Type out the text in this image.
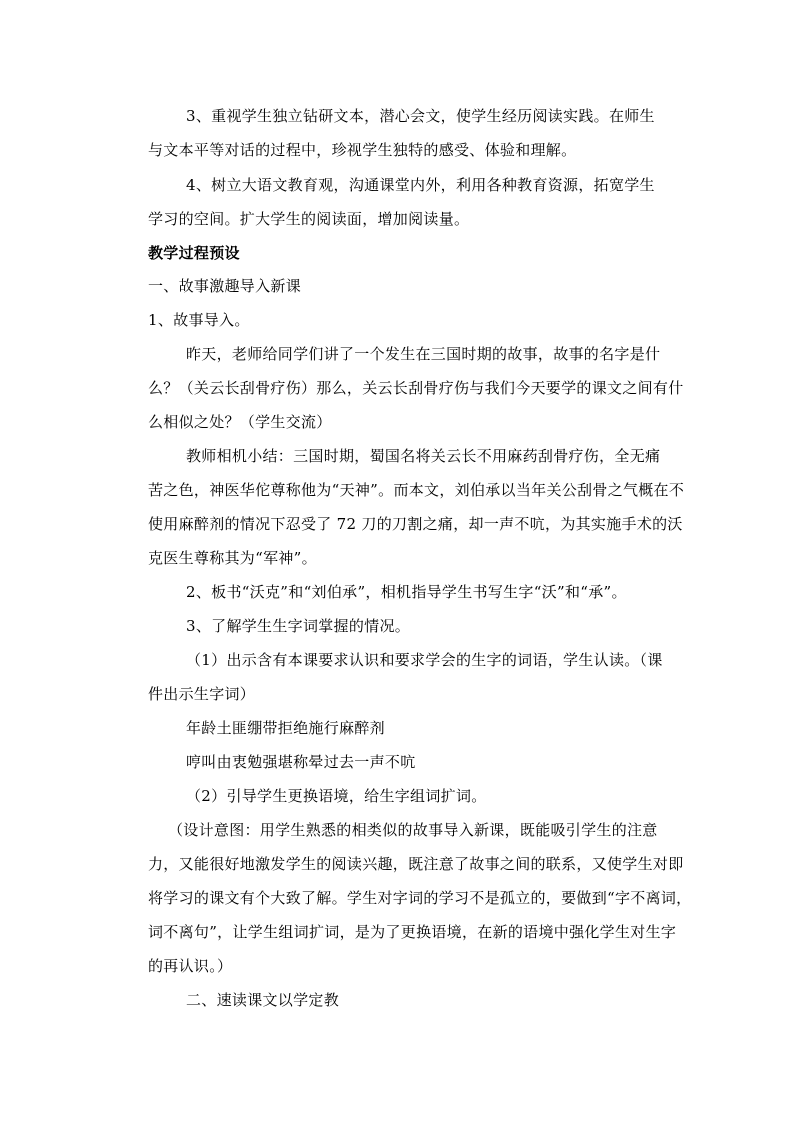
3、重视学生独立钻研文本，潜心会文，使学生经历阅读实践。在师生
与文本平等对话的过程中，珍视学生独特的感受、体验和理解。
4、树立大语文教育观，沟通课堂内外，利用各种教育资源，拓宽学生
学习的空间。扩大学生的阅读面，增加阅读量。
教学过程预设
一、故事激趣导入新课
1、故事导入。
昨天，老师给同学们讲了一个发生在三国时期的故事，故事的名字是什
么？（关云长刮骨疗伤）那么，关云长刮骨疗伤与我们今天要学的课文之间有什
么相似之处？（学生交流）
教师相机小结：三国时期，蜀国名将关云长不用麻药刮骨疗伤，全无痛
苦之色，神医华佗尊称他为“天神”。而本文，刘伯承以当年关公刮骨之气概在不
使用麻醉剂的情况下忍受了 72 刀的刀割之痛，却一声不吭，为其实施手术的沃
克医生尊称其为“军神”。
2、板书“沃克”和“刘伯承”，相机指导学生书写生字“沃”和“承”。
3、了解学生生字词掌握的情况。
（1）出示含有本课要求认识和要求学会的生字的词语，学生认读。（课
件出示生字词）
年龄土匪绷带拒绝施行麻醉剂
哼叫由衷勉强堪称晕过去一声不吭
（2）引导学生更换语境，给生字组词扩词。
（设计意图：用学生熟悉的相类似的故事导入新课，既能吸引学生的注意
力，又能很好地激发学生的阅读兴趣，既注意了故事之间的联系，又使学生对即
将学习的课文有个大致了解。学生对字词的学习不是孤立的，要做到“字不离词，
词不离句”，让学生组词扩词，是为了更换语境，在新的语境中强化学生对生字
的再认识。）
二、速读课文以学定教
